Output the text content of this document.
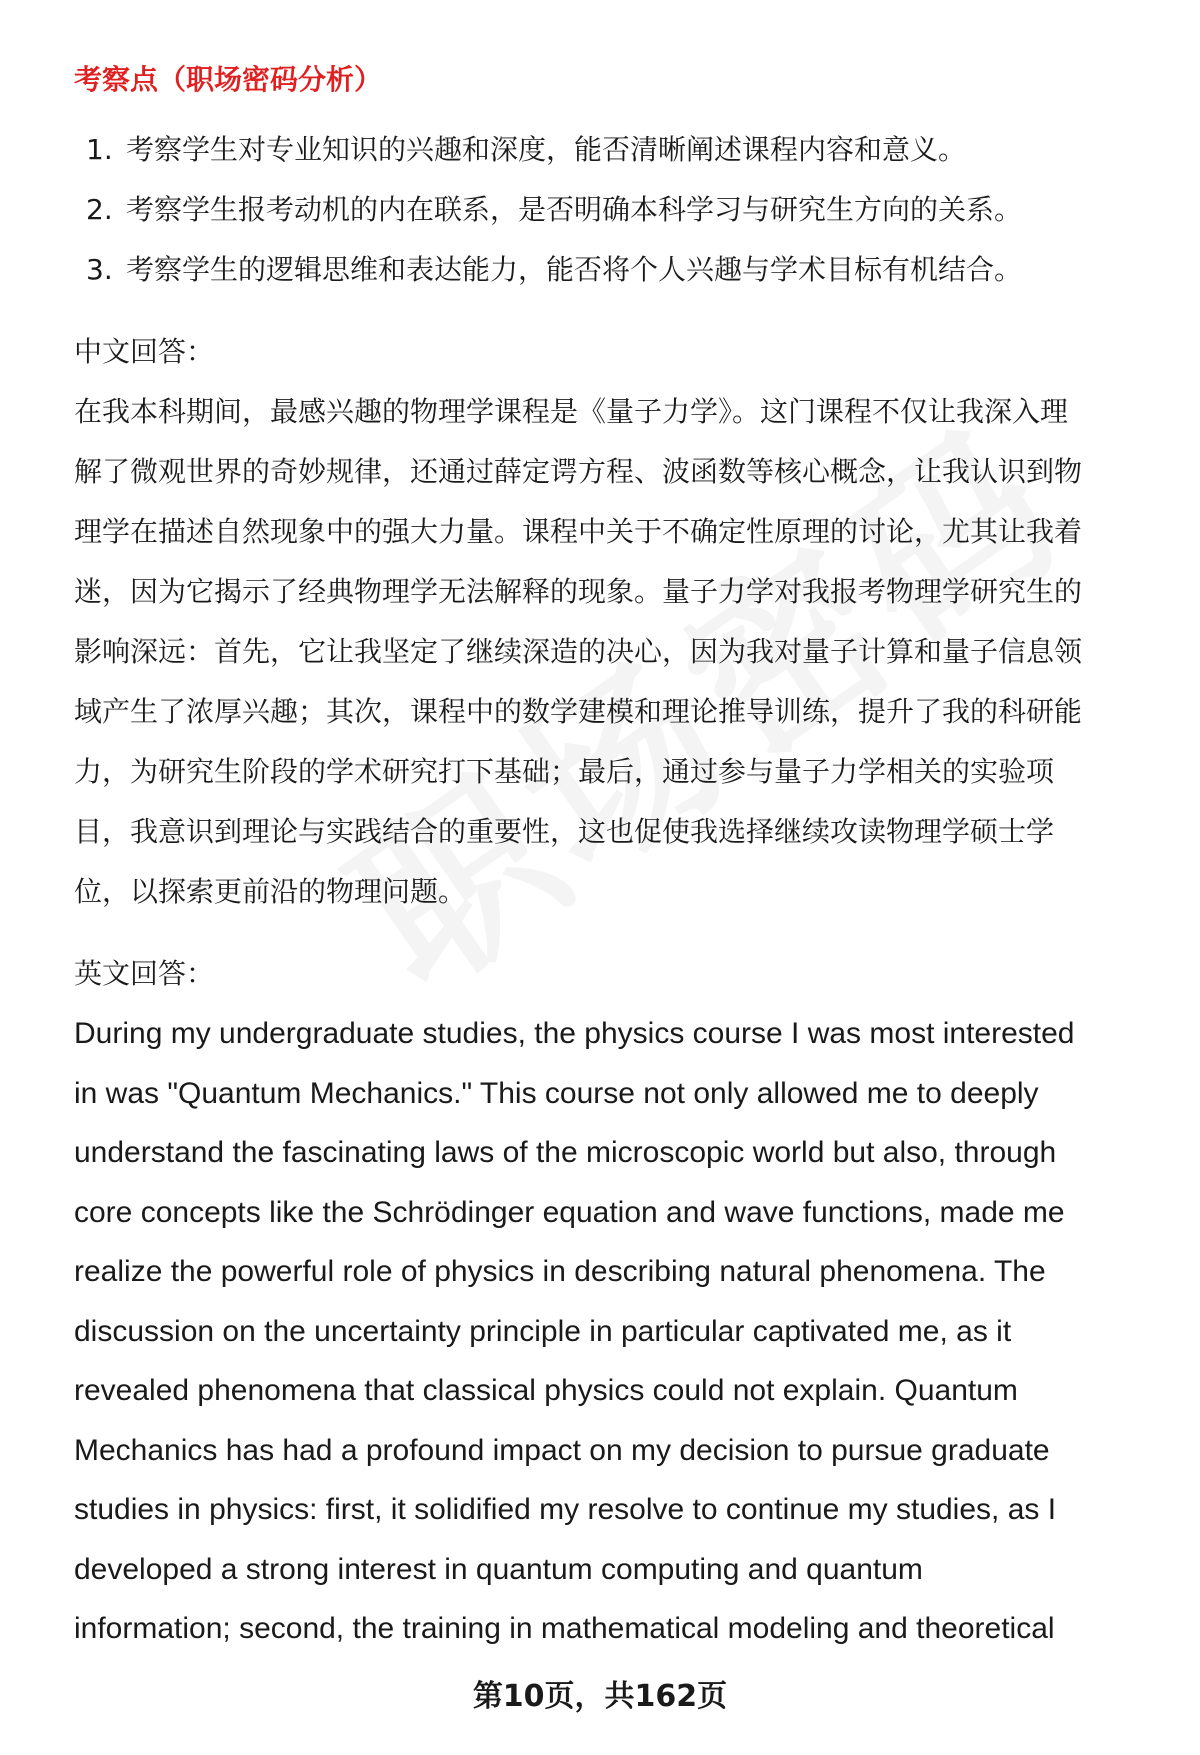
考察点（职场密码分析）
1. 考察学生对专业知识的兴趣和深度，能否清晰阐述课程内容和意义。
2. 考察学生报考动机的内在联系，是否明确本科学习与研究生方向的关系。
3. 考察学生的逻辑思维和表达能力，能否将个人兴趣与学术目标有机结合。
中文回答：
在我本科期间，最感兴趣的物理学课程是《量子力学》。这门课程不仅让我深入理
解了微观世界的奇妙规律，还通过薛定谔方程、波函数等核心概念，让我认识到物
理学在描述自然现象中的强大力量。课程中关于不确定性原理的讨论，尤其让我着
迷，因为它揭示了经典物理学无法解释的现象。量子力学对我报考物理学研究生的
影响深远：首先，它让我坚定了继续深造的决心，因为我对量子计算和量子信息领
域产生了浓厚兴趣；其次，课程中的数学建模和理论推导训练，提升了我的科研能
力，为研究生阶段的学术研究打下基础；最后，通过参与量子力学相关的实验项
目，我意识到理论与实践结合的重要性，这也促使我选择继续攻读物理学硕士学
位，以探索更前沿的物理问题。
英文回答：
During my undergraduate studies, the physics course I was most interested
in was "Quantum Mechanics." This course not only allowed me to deeply
understand the fascinating laws of the microscopic world but also, through
core concepts like the Schrödinger equation and wave functions, made me
realize the powerful role of physics in describing natural phenomena. The
discussion on the uncertainty principle in particular captivated me, as it
revealed phenomena that classical physics could not explain. Quantum
Mechanics has had a profound impact on my decision to pursue graduate
studies in physics: first, it solidified my resolve to continue my studies, as I
developed a strong interest in quantum computing and quantum
information; second, the training in mathematical modeling and theoretical
第10页，共162页
